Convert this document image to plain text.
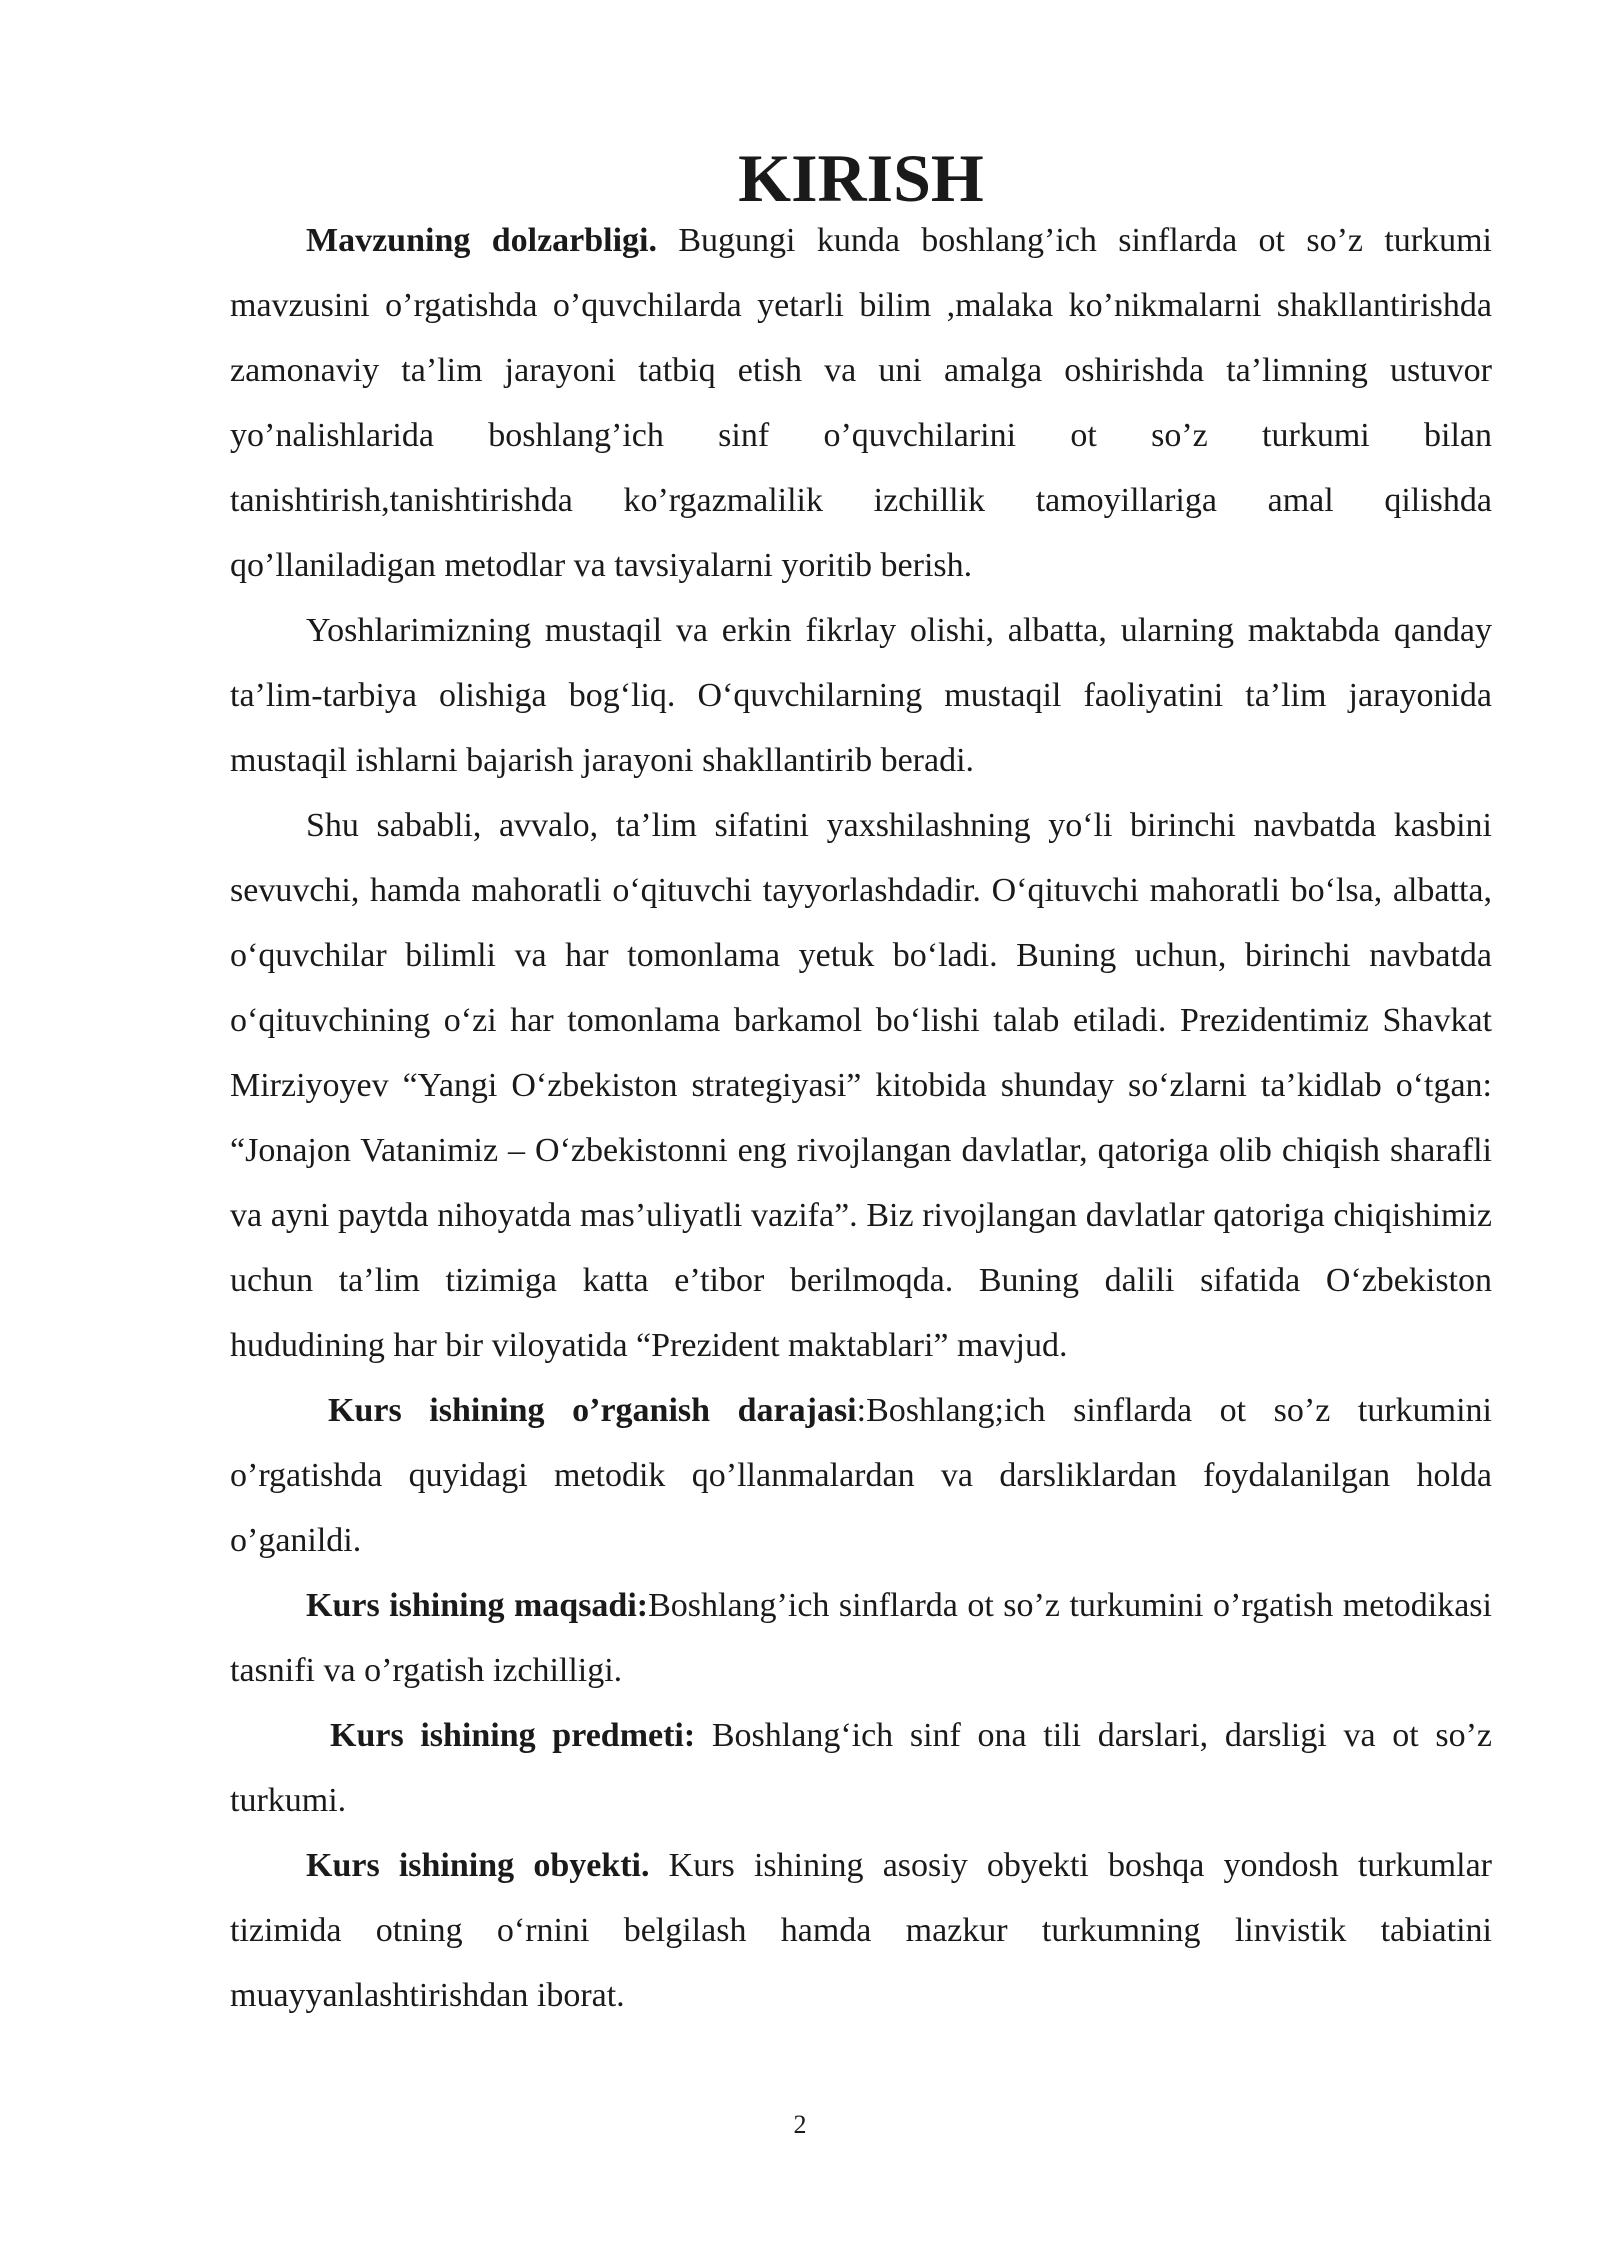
KIRISH

Mavzuning dolzarbligi. Bugungi kunda boshlang’ich sinflarda ot so’z turkumi mavzusini o’rgatishda o’quvchilarda yetarli bilim ,malaka ko’nikmalarni shakllantirishda zamonaviy ta’lim jarayoni tatbiq etish va uni amalga oshirishda ta’limning ustuvor yo’nalishlarida boshlang’ich sinf o’quvchilarini ot so’z turkumi bilan tanishtirish,tanishtirishda ko’rgazmalilik izchillik tamoyillariga amal qilishda qo’llaniladigan metodlar va tavsiyalarni yoritib berish.

Yoshlarimizning mustaqil va erkin fikrlay olishi, albatta, ularning maktabda qanday ta’lim-tarbiya olishiga bog‘liq. O‘quvchilarning mustaqil faoliyatini ta’lim jarayonida mustaqil ishlarni bajarish jarayoni shakllantirib beradi.

Shu sababli, avvalo, ta’lim sifatini yaxshilashning yo‘li birinchi navbatda kasbini sevuvchi, hamda mahoratli o‘qituvchi tayyorlashdadir. O‘qituvchi mahoratli bo‘lsa, albatta, o‘quvchilar bilimli va har tomonlama yetuk bo‘ladi. Buning uchun, birinchi navbatda o‘qituvchining o‘zi har tomonlama barkamol bo‘lishi talab etiladi. Prezidentimiz Shavkat Mirziyoyev “Yangi O‘zbekiston strategiyasi” kitobida shunday so‘zlarni ta’kidlab o‘tgan: “Jonajon Vatanimiz – O‘zbekistonni eng rivojlangan davlatlar, qatoriga olib chiqish sharafli va ayni paytda nihoyatda mas’uliyatli vazifa”. Biz rivojlangan davlatlar qatoriga chiqishimiz uchun ta’lim tizimiga katta e’tibor berilmoqda. Buning dalili sifatida O‘zbekiston hududining har bir viloyatida “Prezident maktablari” mavjud.

Kurs ishining o’rganish darajasi:Boshlang;ich sinflarda ot so’z turkumini o’rgatishda quyidagi metodik qo’llanmalardan va darsliklardan foydalanilgan holda o’ganildi.

Kurs ishining maqsadi:Boshlang’ich sinflarda ot so’z turkumini o’rgatish metodikasi tasnifi va o’rgatish izchilligi.

Kurs ishining predmeti: Boshlang‘ich sinf ona tili darslari, darsligi va ot so’z turkumi.

Kurs ishining obyekti. Kurs ishining asosiy obyekti boshqa yondosh turkumlar tizimida otning o‘rnini belgilash hamda mazkur turkumning linvistik tabiatini muayyanlashtirishdan iborat.

2
